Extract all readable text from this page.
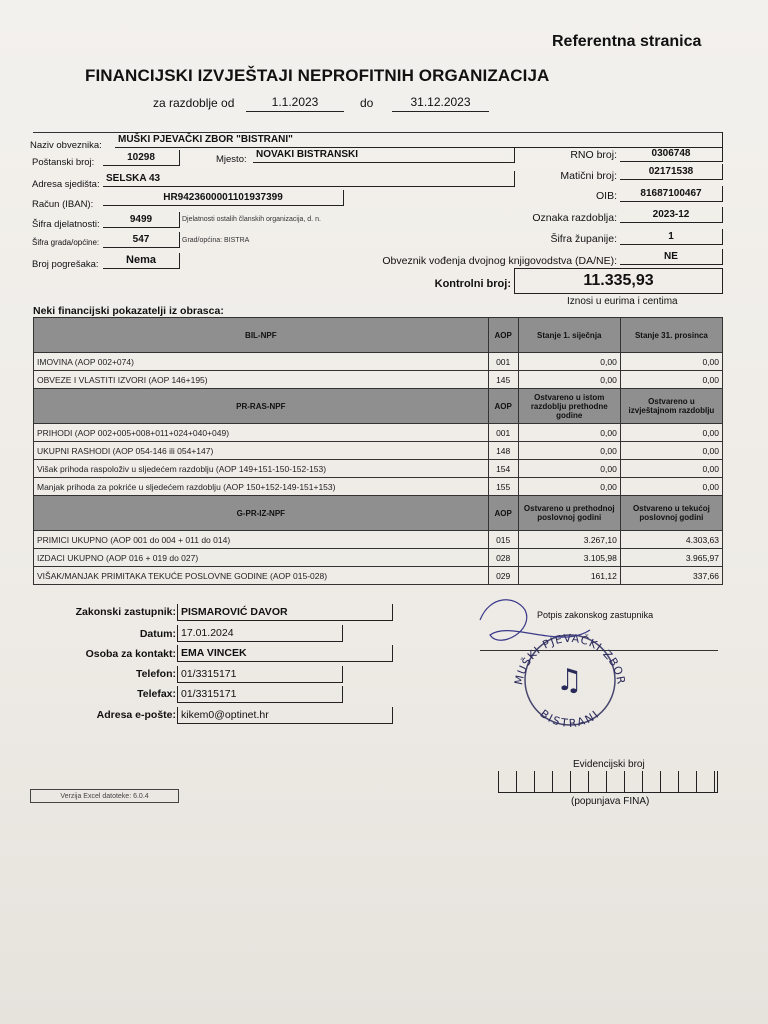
Referentna stranica
FINANCIJSKI IZVJEŠTAJI NEPROFITNIH ORGANIZACIJA
za razdoblje od	1.1.2023	do	31.12.2023
Naziv obveznika:
MUŠKI PJEVAČKI ZBOR "BISTRANI"
Poštanski broj:	10298	Mjesto: NOVAKI BISTRANSKI
Adresa sjedišta:
SELSKA 43
Račun (IBAN):
HR9423600001101937399
Šifra djelatnosti:	9499	Djelatnosti ostalih članskih organizacija, d. n.
Šifra grada/općine:	547	Grad/općina: BISTRA
Broj pogrešaka:	Nema
RNO broj:	0306748
Matični broj:	02171538
OIB:	81687100467
Oznaka razdoblja:	2023-12
Šifra županije:	1
Obveznik vođenja dvojnog knjigovodstva (DA/NE):	NE
Kontrolni broj:	11.335,93
Iznosi u eurima i centima
Neki financijski pokazatelji iz obrasca:
BIL-NPF	AOP	Stanje 1. siječnja	Stanje 31. prosinca
IMOVINA (AOP 002+074)	001	0,00	0,00
OBVEZE I VLASTITI IZVORI (AOP 146+195)	145	0,00	0,00
PR-RAS-NPF	AOP	Ostvareno u istom razdoblju prethodne godine	Ostvareno u izvještajnom razdoblju
PRIHODI (AOP 002+005+008+011+024+040+049)	001	0,00	0,00
UKUPNI RASHODI (AOP 054-146 ili 054+147)	148	0,00	0,00
Višak prihoda raspoloživ u sljedećem razdoblju (AOP 149+151-150-152-153)	154	0,00	0,00
Manjak prihoda za pokriće u sljedećem razdoblju (AOP 150+152-149-151+153)	155	0,00	0,00
G-PR-IZ-NPF	AOP	Ostvareno u prethodnoj poslovnoj godini	Ostvareno u tekućoj poslovnoj godini
PRIMICI UKUPNO (AOP 001 do 004 + 011 do 014)	015	3.267,10	4.303,63
IZDACI UKUPNO (AOP 016 + 019 do 027)	028	3.105,98	3.965,97
VIŠAK/MANJAK PRIMITAKA TEKUĆE POSLOVNE GODINE (AOP 015-028)	029	161,12	337,66
Zakonski zastupnik: PISMAROVIĆ DAVOR
Datum: 17.01.2024
Osoba za kontakt: EMA VINCEK
Telefon: 01/3315171
Telefax: 01/3315171
Adresa e-pošte: kikem0@optinet.hr
Potpis zakonskog zastupnika
MUŠKI PJEVAČKI ZBOR
BISTRANI
♫
Verzija Excel datoteke: 6.0.4
Evidencijski broj
(popunjava FINA)
